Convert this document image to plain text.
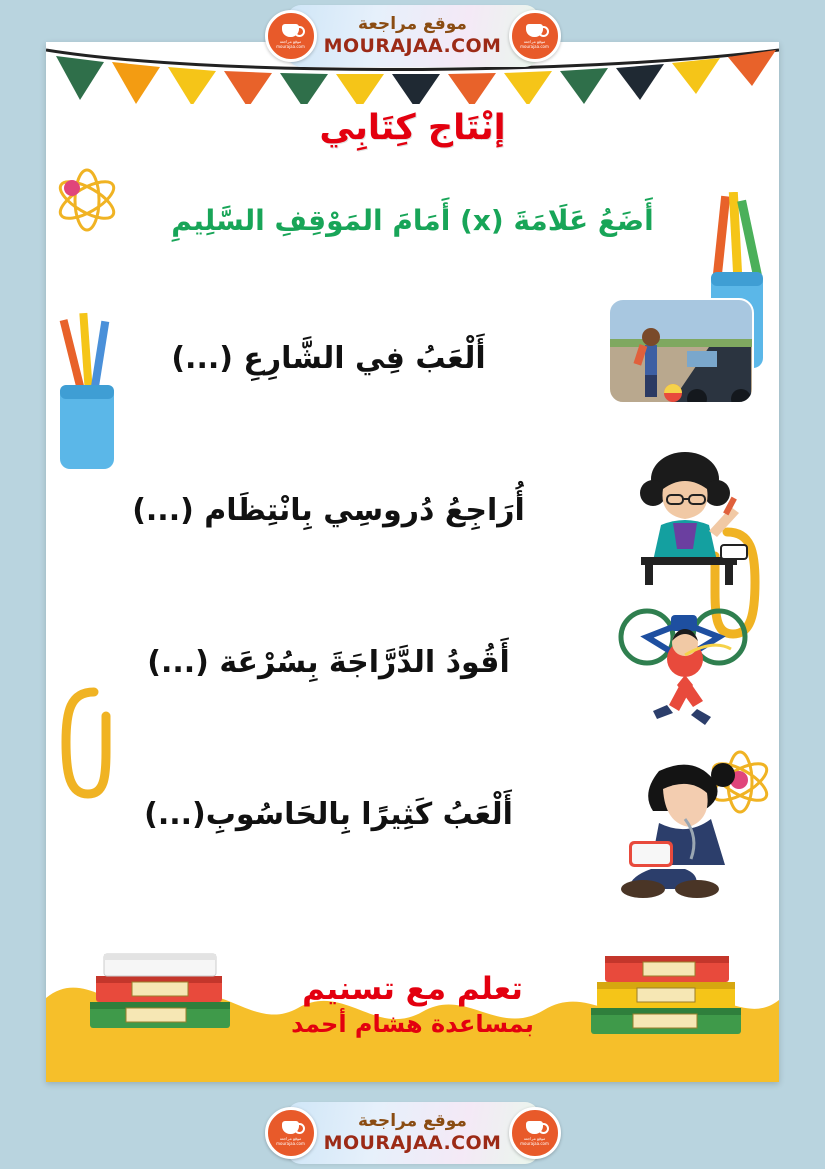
موقع مراجعة mourajaa.com
موقع مراجعة
MOURAJAA.COM	موقع مراجعة mourajaa.com
إنْتَاج كِتَابِي
أَضَعُ عَلَامَةَ (x) أَمَامَ المَوْقِفِ السَّلِيمِ
أَلْعَبُ فِي الشَّارِعِ (...)
أُرَاجِعُ دُروسِي بِانْتِظَام (...)
أَقُودُ الدَّرَّاجَةَ بِسُرْعَة (...)
أَلْعَبُ كَثِيرًا بِالحَاسُوبِ(...)
تعلم مع تسنيم
بمساعدة هشام أحمد
موقع مراجعة mourajaa.com
موقع مراجعة
MOURAJAA.COM	موقع مراجعة mourajaa.com
